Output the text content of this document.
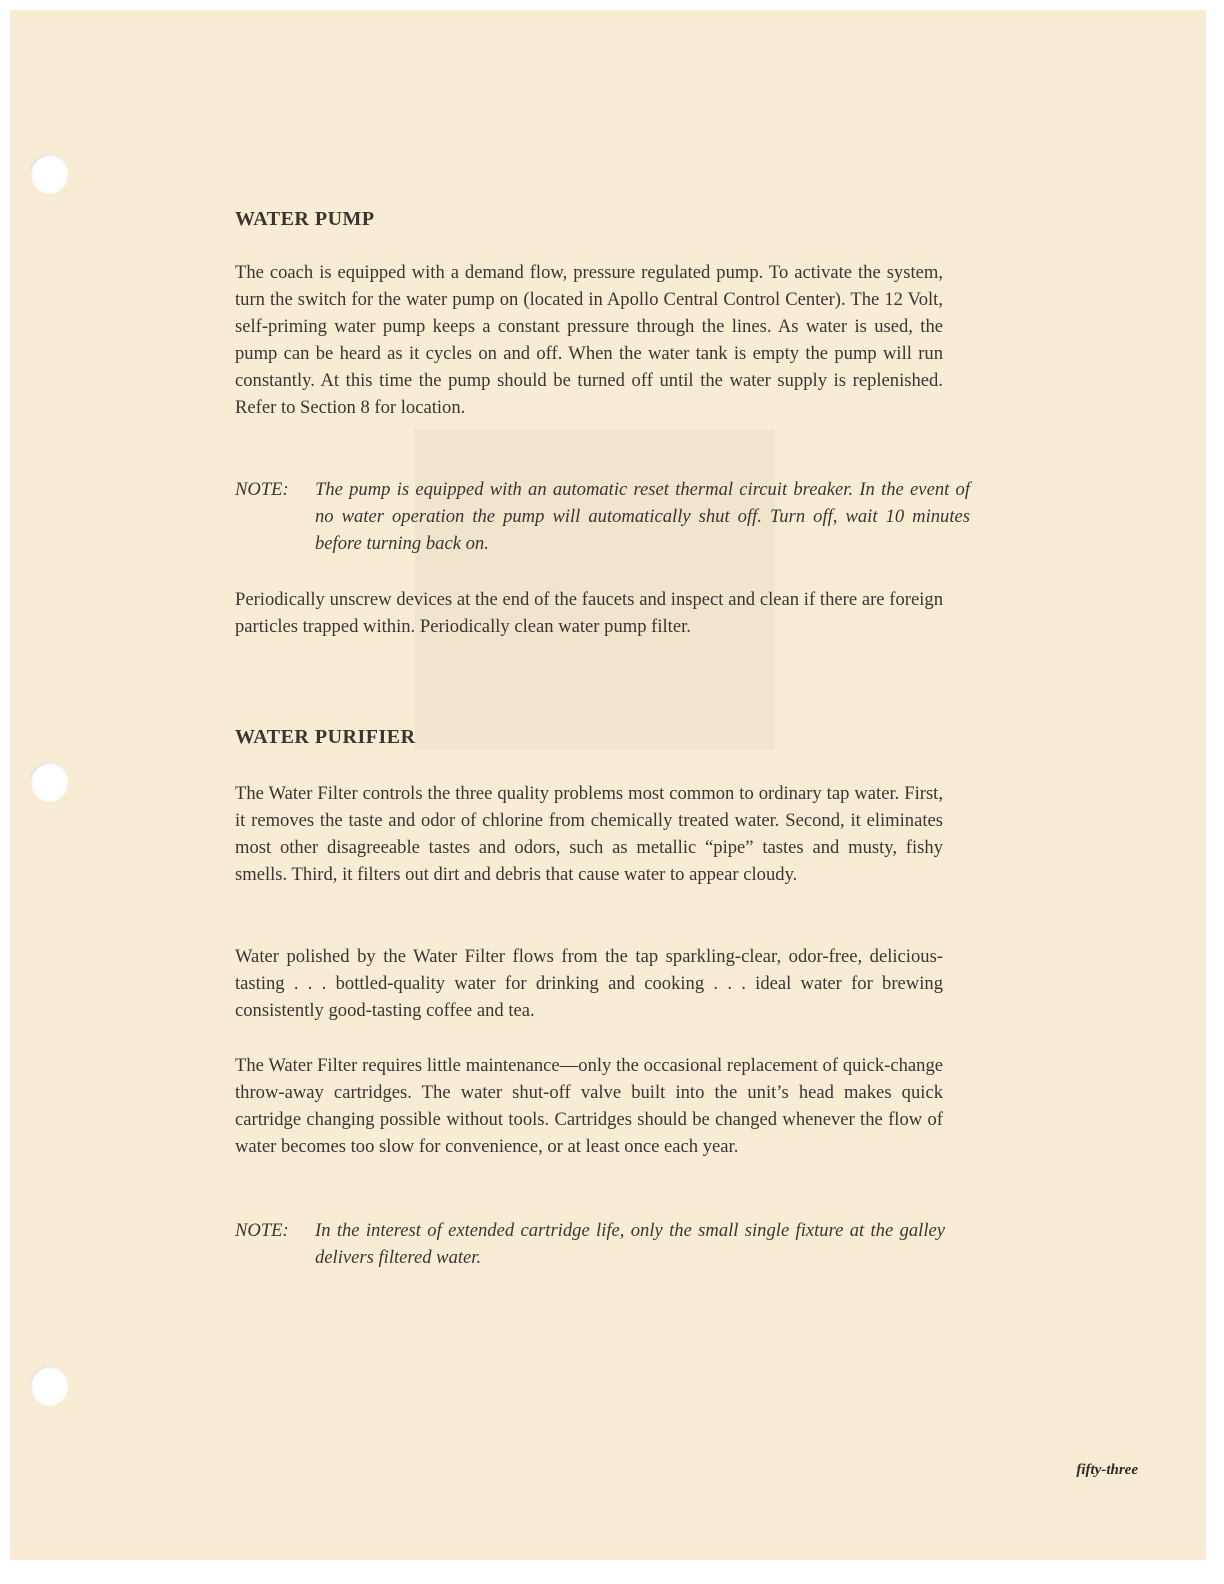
WATER PUMP

The coach is equipped with a demand flow, pressure regulated pump. To activate the system, turn the switch for the water pump on (located in Apollo Central Control Center). The 12 Volt, self-priming water pump keeps a constant pressure through the lines. As water is used, the pump can be heard as it cycles on and off. When the water tank is empty the pump will run constantly. At this time the pump should be turned off until the water supply is replenished. Refer to Section 8 for location.

NOTE:	The pump is equipped with an automatic reset thermal circuit breaker. In the event of no water operation the pump will automatically shut off. Turn off, wait 10 minutes before turning back on.

Periodically unscrew devices at the end of the faucets and inspect and clean if there are foreign particles trapped within. Periodically clean water pump filter.

WATER PURIFIER

The Water Filter controls the three quality problems most common to ordinary tap water. First, it removes the taste and odor of chlorine from chemically treated water. Second, it eliminates most other disagreeable tastes and odors, such as metallic “pipe” tastes and musty, fishy smells. Third, it filters out dirt and debris that cause water to appear cloudy.

Water polished by the Water Filter flows from the tap sparkling-clear, odor-free, delicious-tasting . . . bottled-quality water for drinking and cooking . . . ideal water for brewing consistently good-tasting coffee and tea.

The Water Filter requires little maintenance—only the occasional replacement of quick-change throw-away cartridges. The water shut-off valve built into the unit’s head makes quick cartridge changing possible without tools. Cartridges should be changed whenever the flow of water becomes too slow for convenience, or at least once each year.

NOTE:	In the interest of extended cartridge life, only the small single fixture at the galley delivers filtered water.
fifty-three
